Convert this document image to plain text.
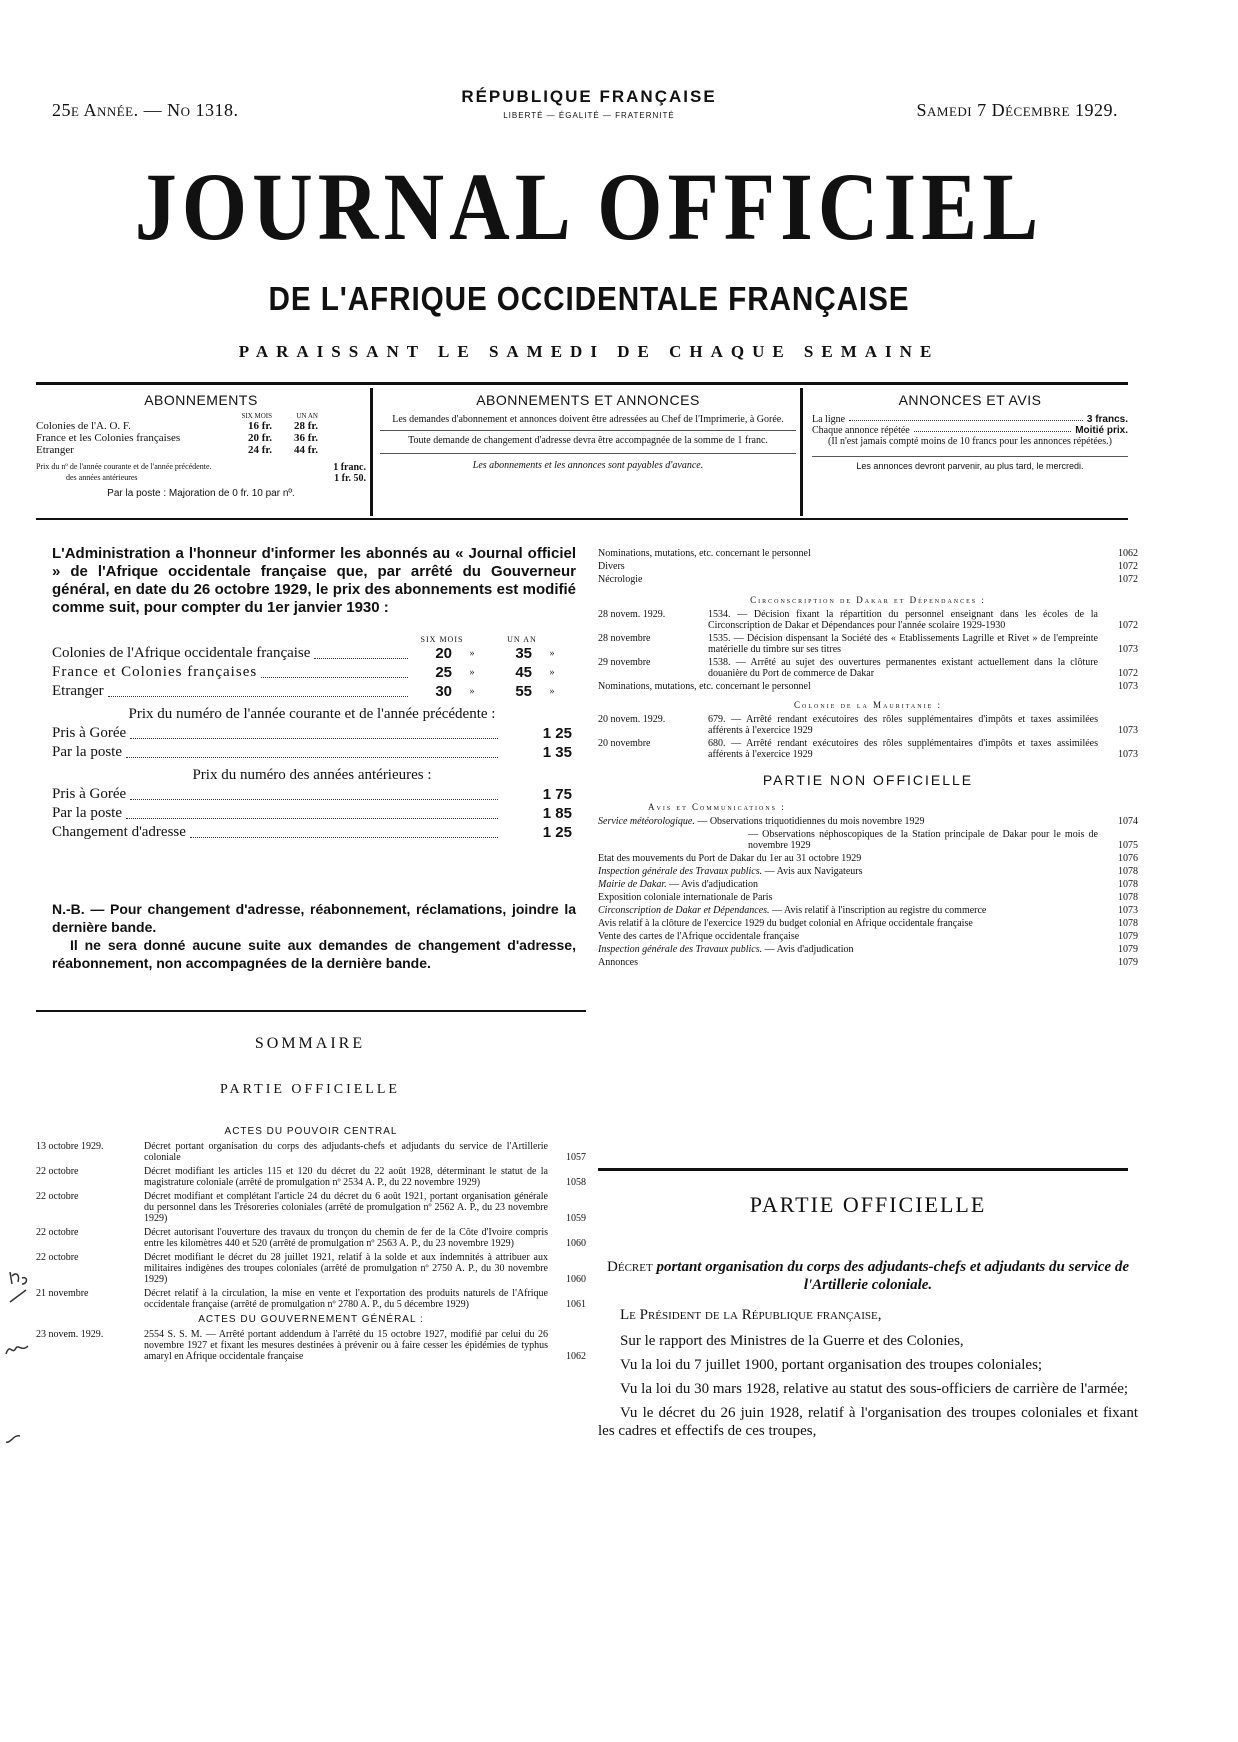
25e Année. — No 1318.
RÉPUBLIQUE FRANÇAISE
LIBERTÉ — ÉGALITÉ — FRATERNITÉ	Samedi 7 Décembre 1929.
JOURNAL OFFICIEL
DE L'AFRIQUE OCCIDENTALE FRANÇAISE
PARAISSANT LE SAMEDI DE CHAQUE SEMAINE
ABONNEMENTS
SIX MOIS	UN AN
Colonies de l'A. O. F.	16 fr.	28 fr.
France et les Colonies françaises	20 fr.	36 fr.
Etranger	24 fr.	44 fr.
Prix du nº de l'année courante et de l'année précédente.	1 franc.
des années antérieures	1 fr. 50.
Par la poste : Majoration de 0 fr. 10 par nº.
ABONNEMENTS ET ANNONCES

Les demandes d'abonnement et annonces doivent être adressées au Chef de l'Imprimerie, à Gorée.

Toute demande de changement d'adresse devra être accompagnée de la somme de 1 franc.

Les abonnements et les annonces sont payables d'avance.

ANNONCES ET AVIS
La ligne	3 francs.
Chaque annonce répétée	Moitié prix.

(Il n'est jamais compté moins de 10 francs pour les annonces répétées.)

Les annonces devront parvenir, au plus tard, le mercredi.

L'Administration a l'honneur d'informer les abonnés au « Journal officiel » de l'Afrique occidentale française que, par arrêté du Gouverneur général, en date du 26 octobre 1929, le prix des abonnements est modifié comme suit, pour compter du 1er janvier 1930 :
SIX MOIS	UN AN
Colonies de l'Afrique occidentale française	20	»	35	»
France et Colonies françaises	25	»	45	»
Etranger	30	»	55	»
Prix du numéro de l'année courante et de l'année précédente :
Pris à Gorée	1 25
Par la poste	1 35
Prix du numéro des années antérieures :
Pris à Gorée	1 75
Par la poste	1 85
Changement d'adresse	1 25

N.-B. — Pour changement d'adresse, réabonnement, réclamations, joindre la dernière bande.

Il ne sera donné aucune suite aux demandes de changement d'adresse, réabonnement, non accompagnées de la dernière bande.

SOMMAIRE
PARTIE OFFICIELLE
ACTES DU POUVOIR CENTRAL
13 octobre 1929.	Décret portant organisation du corps des adjudants-chefs et adjudants du service de l'Artillerie coloniale	1057
22 octobre	Décret modifiant les articles 115 et 120 du décret du 22 août 1928, déterminant le statut de la magistrature coloniale (arrêté de promulgation nº 2534 A. P., du 22 novembre 1929)	1058
22 octobre	Décret modifiant et complétant l'article 24 du décret du 6 août 1921, portant organisation générale du personnel dans les Trésoreries coloniales (arrêté de promulgation nº 2562 A. P., du 23 novembre 1929)	1059
22 octobre	Décret autorisant l'ouverture des travaux du tronçon du chemin de fer de la Côte d'Ivoire compris entre les kilomètres 440 et 520 (arrêté de promulgation nº 2563 A. P., du 23 novembre 1929)	1060
22 octobre	Décret modifiant le décret du 28 juillet 1921, relatif à la solde et aux indemnités à attribuer aux militaires indigènes des troupes coloniales (arrêté de promulgation nº 2750 A. P., du 30 novembre 1929)	1060
21 novembre	Décret relatif à la circulation, la mise en vente et l'exportation des produits naturels de l'Afrique occidentale française (arrêté de promulgation nº 2780 A. P., du 5 décembre 1929)	1061
ACTES DU GOUVERNEMENT GÉNÉRAL :
23 novem. 1929.	2554 S. S. M. — Arrêté portant addendum à l'arrêté du 15 octobre 1927, modifié par celui du 26 novembre 1927 et fixant les mesures destinées à prévenir ou à faire cesser les épidémies de typhus amaryl en Afrique occidentale française	1062
Nominations, mutations, etc. concernant le personnel	1062
Divers	1072
Nécrologie	1072
Circonscription de Dakar et Dépendances :
28 novem. 1929.	1534. — Décision fixant la répartition du personnel enseignant dans les écoles de la Circonscription de Dakar et Dépendances pour l'année scolaire 1929-1930	1072
28 novembre	1535. — Décision dispensant la Société des « Etablissements Lagrille et Rivet » de l'empreinte matérielle du timbre sur ses titres	1073
29 novembre	1538. — Arrêté au sujet des ouvertures permanentes existant actuellement dans la clôture douanière du Port de commerce de Dakar	1072
Nominations, mutations, etc. concernant le personnel	1073
Colonie de la Mauritanie :
20 novem. 1929.	679. — Arrêté rendant exécutoires des rôles supplémentaires d'impôts et taxes assimilées afférents à l'exercice 1929	1073
20 novembre	680. — Arrêté rendant exécutoires des rôles supplémentaires d'impôts et taxes assimilées afférents à l'exercice 1929	1073
PARTIE NON OFFICIELLE
Avis et Communications :
Service météorologique. — Observations triquotidiennes du mois novembre 1929	1074
— Observations néphoscopiques de la Station principale de Dakar pour le mois de novembre 1929	1075
Etat des mouvements du Port de Dakar du 1er au 31 octobre 1929	1076
Inspection générale des Travaux publics. — Avis aux Navigateurs	1078
Mairie de Dakar. — Avis d'adjudication	1078
Exposition coloniale internationale de Paris	1078
Circonscription de Dakar et Dépendances. — Avis relatif à l'inscription au registre du commerce	1073
Avis relatif à la clôture de l'exercice 1929 du budget colonial en Afrique occidentale française	1078
Vente des cartes de l'Afrique occidentale française	1079
Inspection générale des Travaux publics. — Avis d'adjudication	1079
Annonces	1079
PARTIE OFFICIELLE
Décret portant organisation du corps des adjudants-chefs et adjudants du service de l'Artillerie coloniale.

Le Président de la République française,

Sur le rapport des Ministres de la Guerre et des Colonies,

Vu la loi du 7 juillet 1900, portant organisation des troupes coloniales;

Vu la loi du 30 mars 1928, relative au statut des sous-officiers de carrière de l'armée;

Vu le décret du 26 juin 1928, relatif à l'organisation des troupes coloniales et fixant les cadres et effectifs de ces troupes,
